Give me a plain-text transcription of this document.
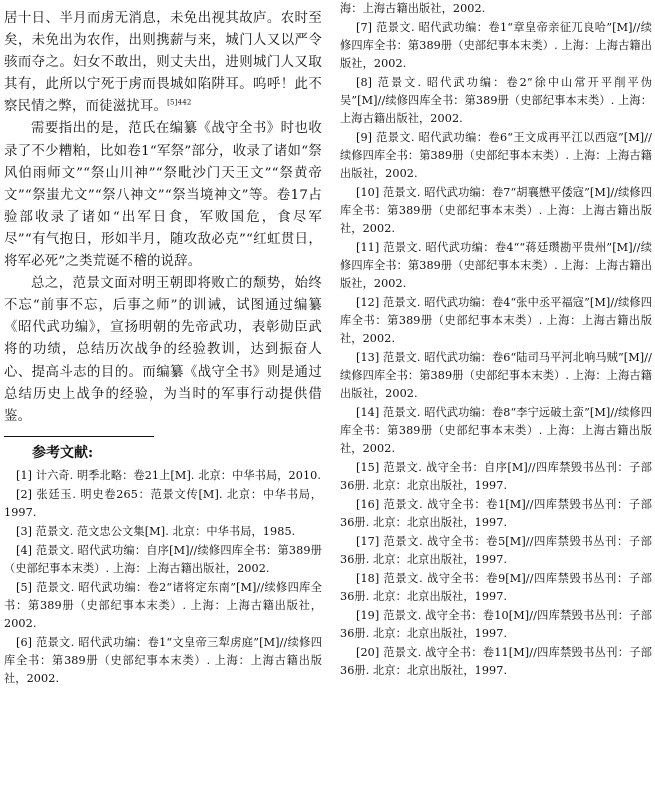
居十日、半月而虏无消息，未免出视其故庐。农时至矣，未免出为农作，出则携薪与来，城门人又以严令骇而夺之。妇女不敢出，则丈夫出，进则城门人又取其有，此所以宁死于虏而畏城如陷阱耳。呜呼！此不察民情之弊，而徒滋扰耳。$^{[5]442}$

需要指出的是，范氏在编纂《战守全书》时也收录了不少糟粕，比如卷1“军祭”部分，收录了诸如“祭风伯雨师文”“祭山川神”“祭毗沙门天王文”“祭黄帝文”“祭蚩尤文”“祭八神文”“祭当境神文”等。卷17占验部收录了诸如“出军日食，军败国危，食尽军尽”“有气抱日，形如半月，随攻敌必克”“红虹贯日，将军必死”之类荒诞不稽的说辞。

总之，范景文面对明王朝即将败亡的颓势，始终不忘“前事不忘，后事之师”的训诫，试图通过编纂《昭代武功编》，宣扬明朝的先帝武功，表彰勋臣武将的功绩，总结历次战争的经验教训，达到振奋人心、提高斗志的目的。而编纂《战守全书》则是通过总结历史上战争的经验，为当时的军事行动提供借鉴。

参考文献:

[1] 计六奇. 明季北略：卷21上[M]. 北京：中华书局，2010.

[2] 张廷玉. 明史卷265：范景文传[M]. 北京：中华书局，1997.

[3] 范景文. 范文忠公文集[M]. 北京：中华书局，1985.

[4] 范景文. 昭代武功编：自序[M]//续修四库全书：第389册（史部纪事本末类）. 上海：上海古籍出版社，2002.

[5] 范景文. 昭代武功编：卷2“诸将定东南”[M]//续修四库全书：第389册（史部纪事本末类）. 上海：上海古籍出版社，2002.

[6] 范景文. 昭代武功编：卷1“文皇帝三犁虏庭”[M]//续修四库全书：第389册（史部纪事本末类）. 上海：上海古籍出版社，2002.

海：上海古籍出版社，2002.

[7] 范景文. 昭代武功编：卷1“章皇帝亲征兀良哈”[M]//续修四库全书：第389册（史部纪事本末类）. 上海：上海古籍出版社，2002.

[8] 范景文. 昭代武功编：卷2“徐中山常开平削平伪吴”[M]//续修四库全书：第389册（史部纪事本末类）. 上海：上海古籍出版社，2002.

[9] 范景文. 昭代武功编：卷6“王文成再平江以西寇”[M]//续修四库全书：第389册（史部纪事本末类）. 上海：上海古籍出版社，2002.

[10] 范景文. 昭代武功编：卷7“胡襄懋平倭寇”[M]//续修四库全书：第389册（史部纪事本末类）. 上海：上海古籍出版社，2002.

[11] 范景文. 昭代武功编：卷4““蒋廷瓒勘平贵州”[M]//续修四库全书：第389册（史部纪事本末类）. 上海：上海古籍出版社，2002.

[12] 范景文. 昭代武功编：卷4“张中丞平福寇”[M]//续修四库全书：第389册（史部纪事本末类）. 上海：上海古籍出版社，2002.

[13] 范景文. 昭代武功编：卷6“陆司马平河北响马贼”[M]//续修四库全书：第389册（史部纪事本末类）. 上海：上海古籍出版社，2002.

[14] 范景文. 昭代武功编：卷8“李宁远破土蛮”[M]//续修四库全书：第389册（史部纪事本末类）. 上海：上海古籍出版社，2002.

[15] 范景文. 战守全书：自序[M]//四库禁毁书丛刊：子部36册. 北京：北京出版社，1997.

[16] 范景文. 战守全书：卷1[M]//四库禁毁书丛刊：子部36册. 北京：北京出版社，1997.

[17] 范景文. 战守全书：卷5[M]//四库禁毁书丛刊：子部36册. 北京：北京出版社，1997.

[18] 范景文. 战守全书：卷9[M]//四库禁毁书丛刊：子部36册. 北京：北京出版社，1997.

[19] 范景文. 战守全书：卷10[M]//四库禁毁书丛刊：子部36册. 北京：北京出版社，1997.

[20] 范景文. 战守全书：卷11[M]//四库禁毁书丛刊：子部36册. 北京：北京出版社，1997.
